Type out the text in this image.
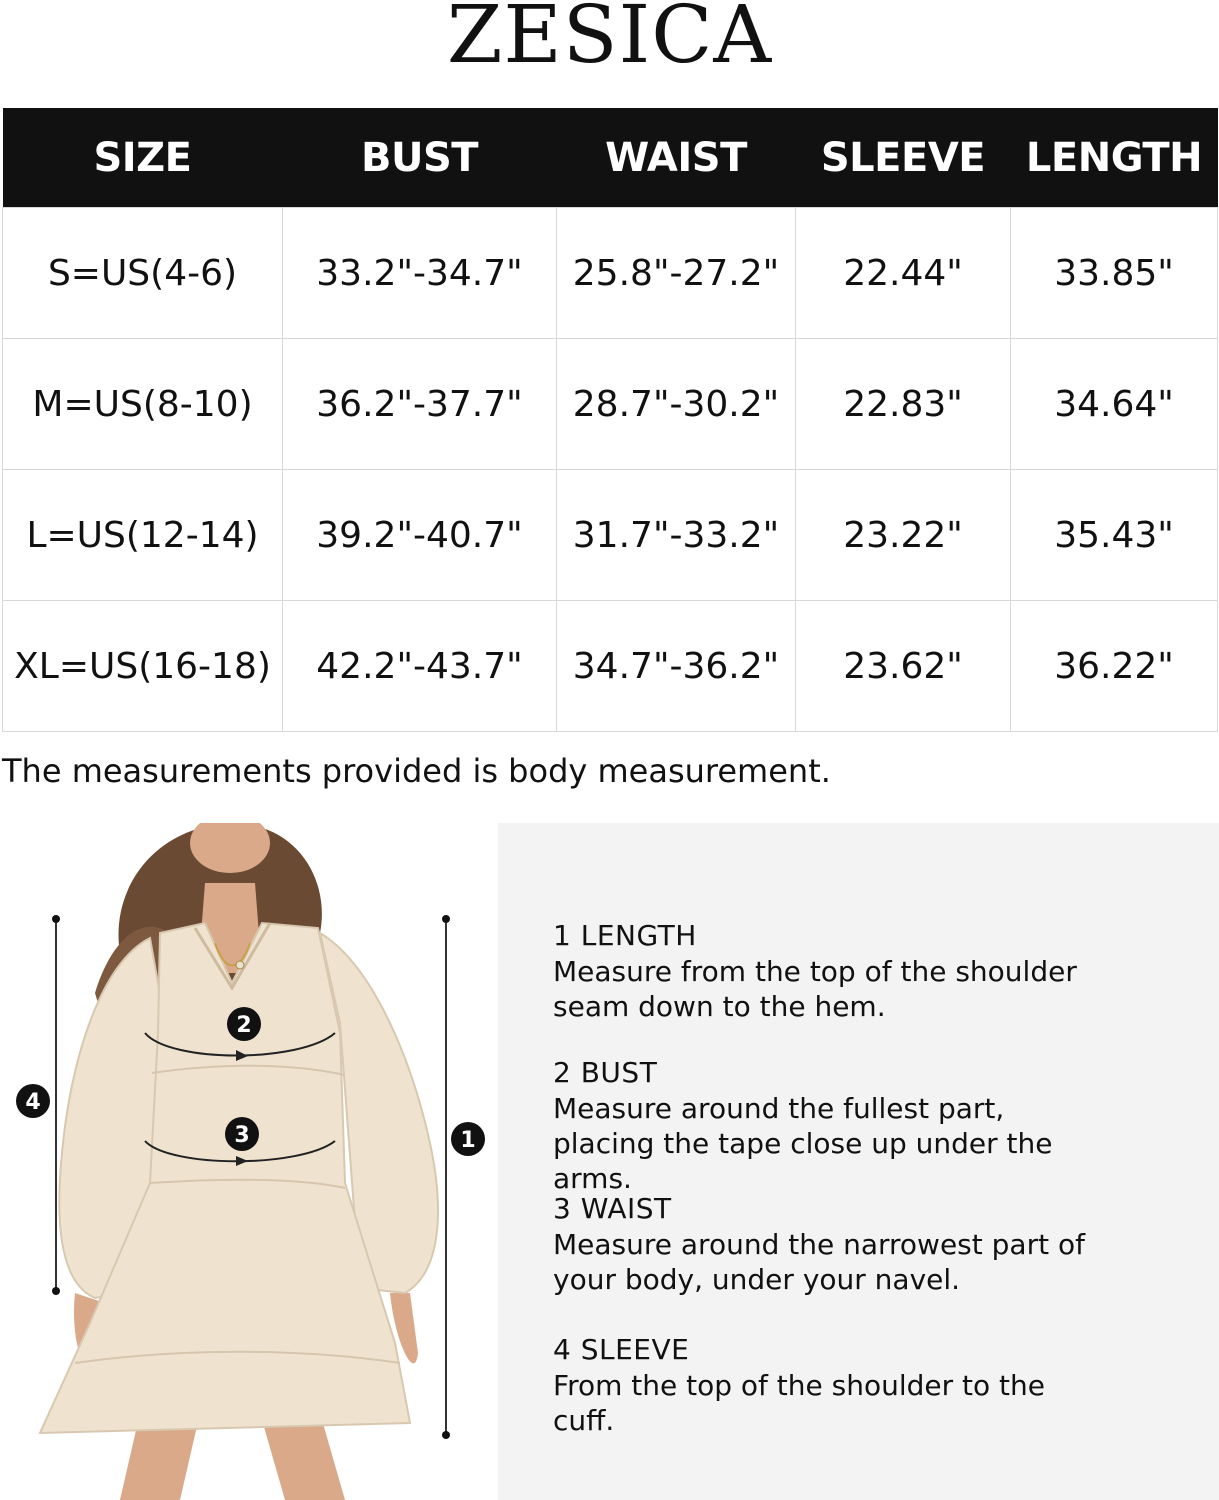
ZESICA
SIZE	BUST	WAIST	SLEEVE	LENGTH
S=US(4-6)	33.2"-34.7"	25.8"-27.2"	22.44"	33.85"
M=US(8-10)	36.2"-37.7"	28.7"-30.2"	22.83"	34.64"
L=US(12-14)	39.2"-40.7"	31.7"-33.2"	23.22"	35.43"
XL=US(16-18)	42.2"-43.7"	34.7"-36.2"	23.62"	36.22"
The measurements provided is body measurement.
1
2
3
4
1 LENGTH
Measure from the top of the shoulder seam down to the hem.
2 BUST
Measure around the fullest part, placing the tape close up under the arms.
3 WAIST
Measure around the narrowest part of your body, under your navel.
4 SLEEVE
From the top of the shoulder to the cuff.
